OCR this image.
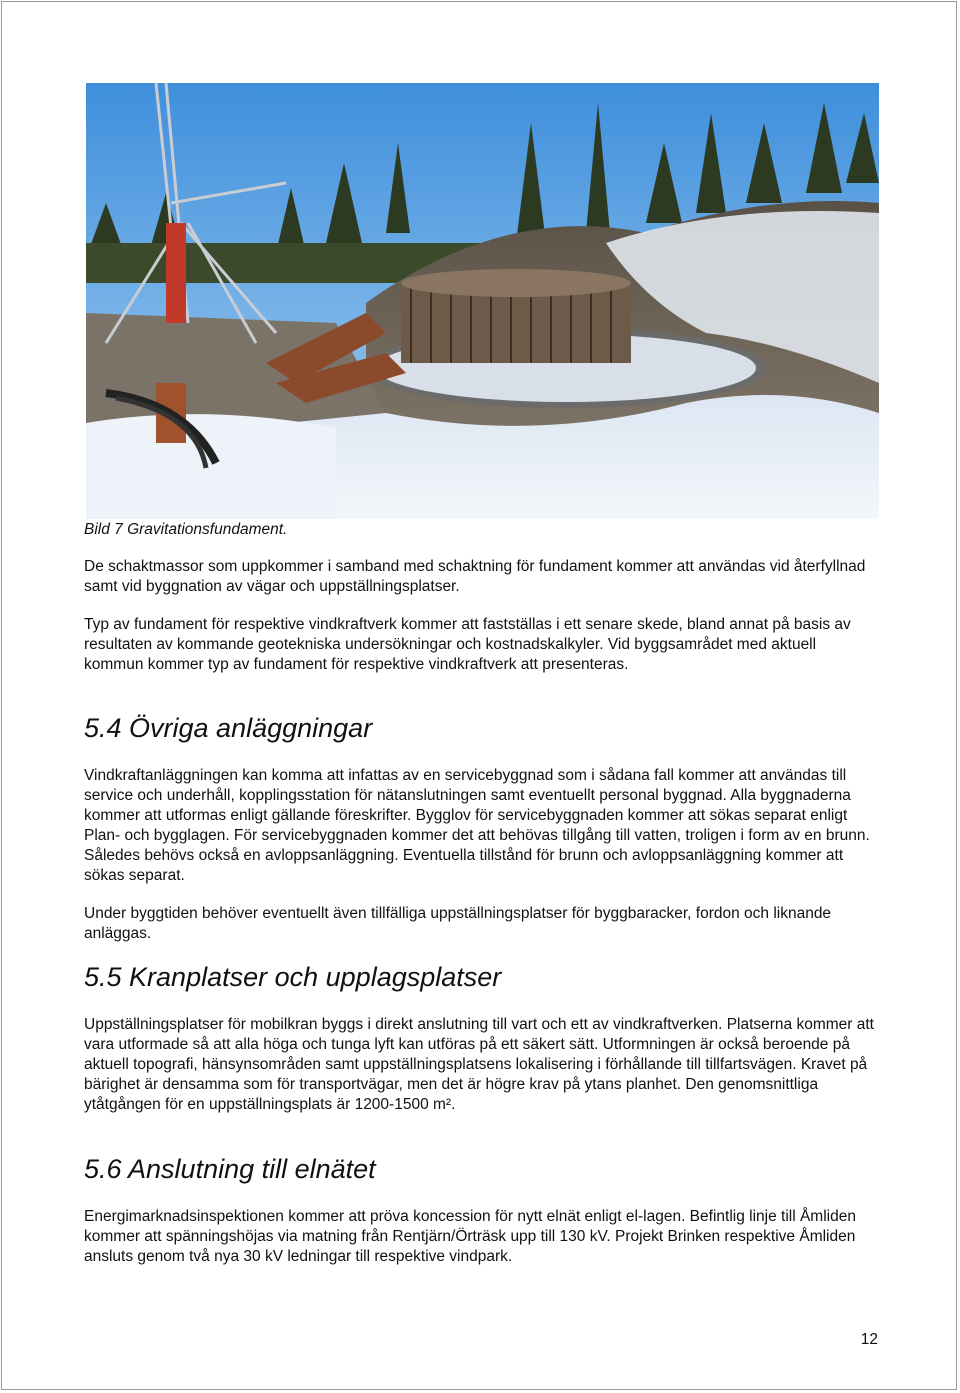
Bild 7 Gravitationsfundament.

De schaktmassor som uppkommer i samband med schaktning för fundament kommer att användas vid återfyllnad samt vid byggnation av vägar och uppställningsplatser.

Typ av fundament för respektive vindkraftverk kommer att fastställas i ett senare skede, bland annat på basis av resultaten av kommande geotekniska undersökningar och kostnadskalkyler. Vid byggsamrådet med aktuell kommun kommer typ av fundament för respektive vindkraftverk att presenteras.

5.4 Övriga anläggningar

Vindkraftanläggningen kan komma att infattas av en servicebyggnad som i sådana fall kommer att användas till service och underhåll, kopplingsstation för nätanslutningen samt eventuellt personal byggnad. Alla byggnaderna kommer att utformas enligt gällande föreskrifter. Bygglov för servicebyggnaden kommer att sökas separat enligt Plan- och bygglagen. För servicebyggnaden kommer det att behövas tillgång till vatten, troligen i form av en brunn. Således behövs också en avloppsanläggning. Eventuella tillstånd för brunn och avloppsanläggning kommer att sökas separat.

Under byggtiden behöver eventuellt även tillfälliga uppställningsplatser för byggbaracker, fordon och liknande anläggas.

5.5 Kranplatser och upplagsplatser

Uppställningsplatser för mobilkran byggs i direkt anslutning till vart och ett av vindkraftverken. Platserna kommer att vara utformade så att alla höga och tunga lyft kan utföras på ett säkert sätt. Utformningen är också beroende på aktuell topografi, hänsynsområden samt uppställningsplatsens lokalisering i förhållande till tillfartsvägen. Kravet på bärighet är densamma som för transportvägar, men det är högre krav på ytans planhet. Den genomsnittliga ytåtgången för en uppställningsplats är 1200-1500 m².

5.6 Anslutning till elnätet

Energimarknadsinspektionen kommer att pröva koncession för nytt elnät enligt el-lagen. Befintlig linje till Åmliden kommer att spänningshöjas via matning från Rentjärn/Örträsk upp till 130 kV. Projekt Brinken respektive Åmliden ansluts genom två nya 30 kV ledningar till respektive vindpark.

12
